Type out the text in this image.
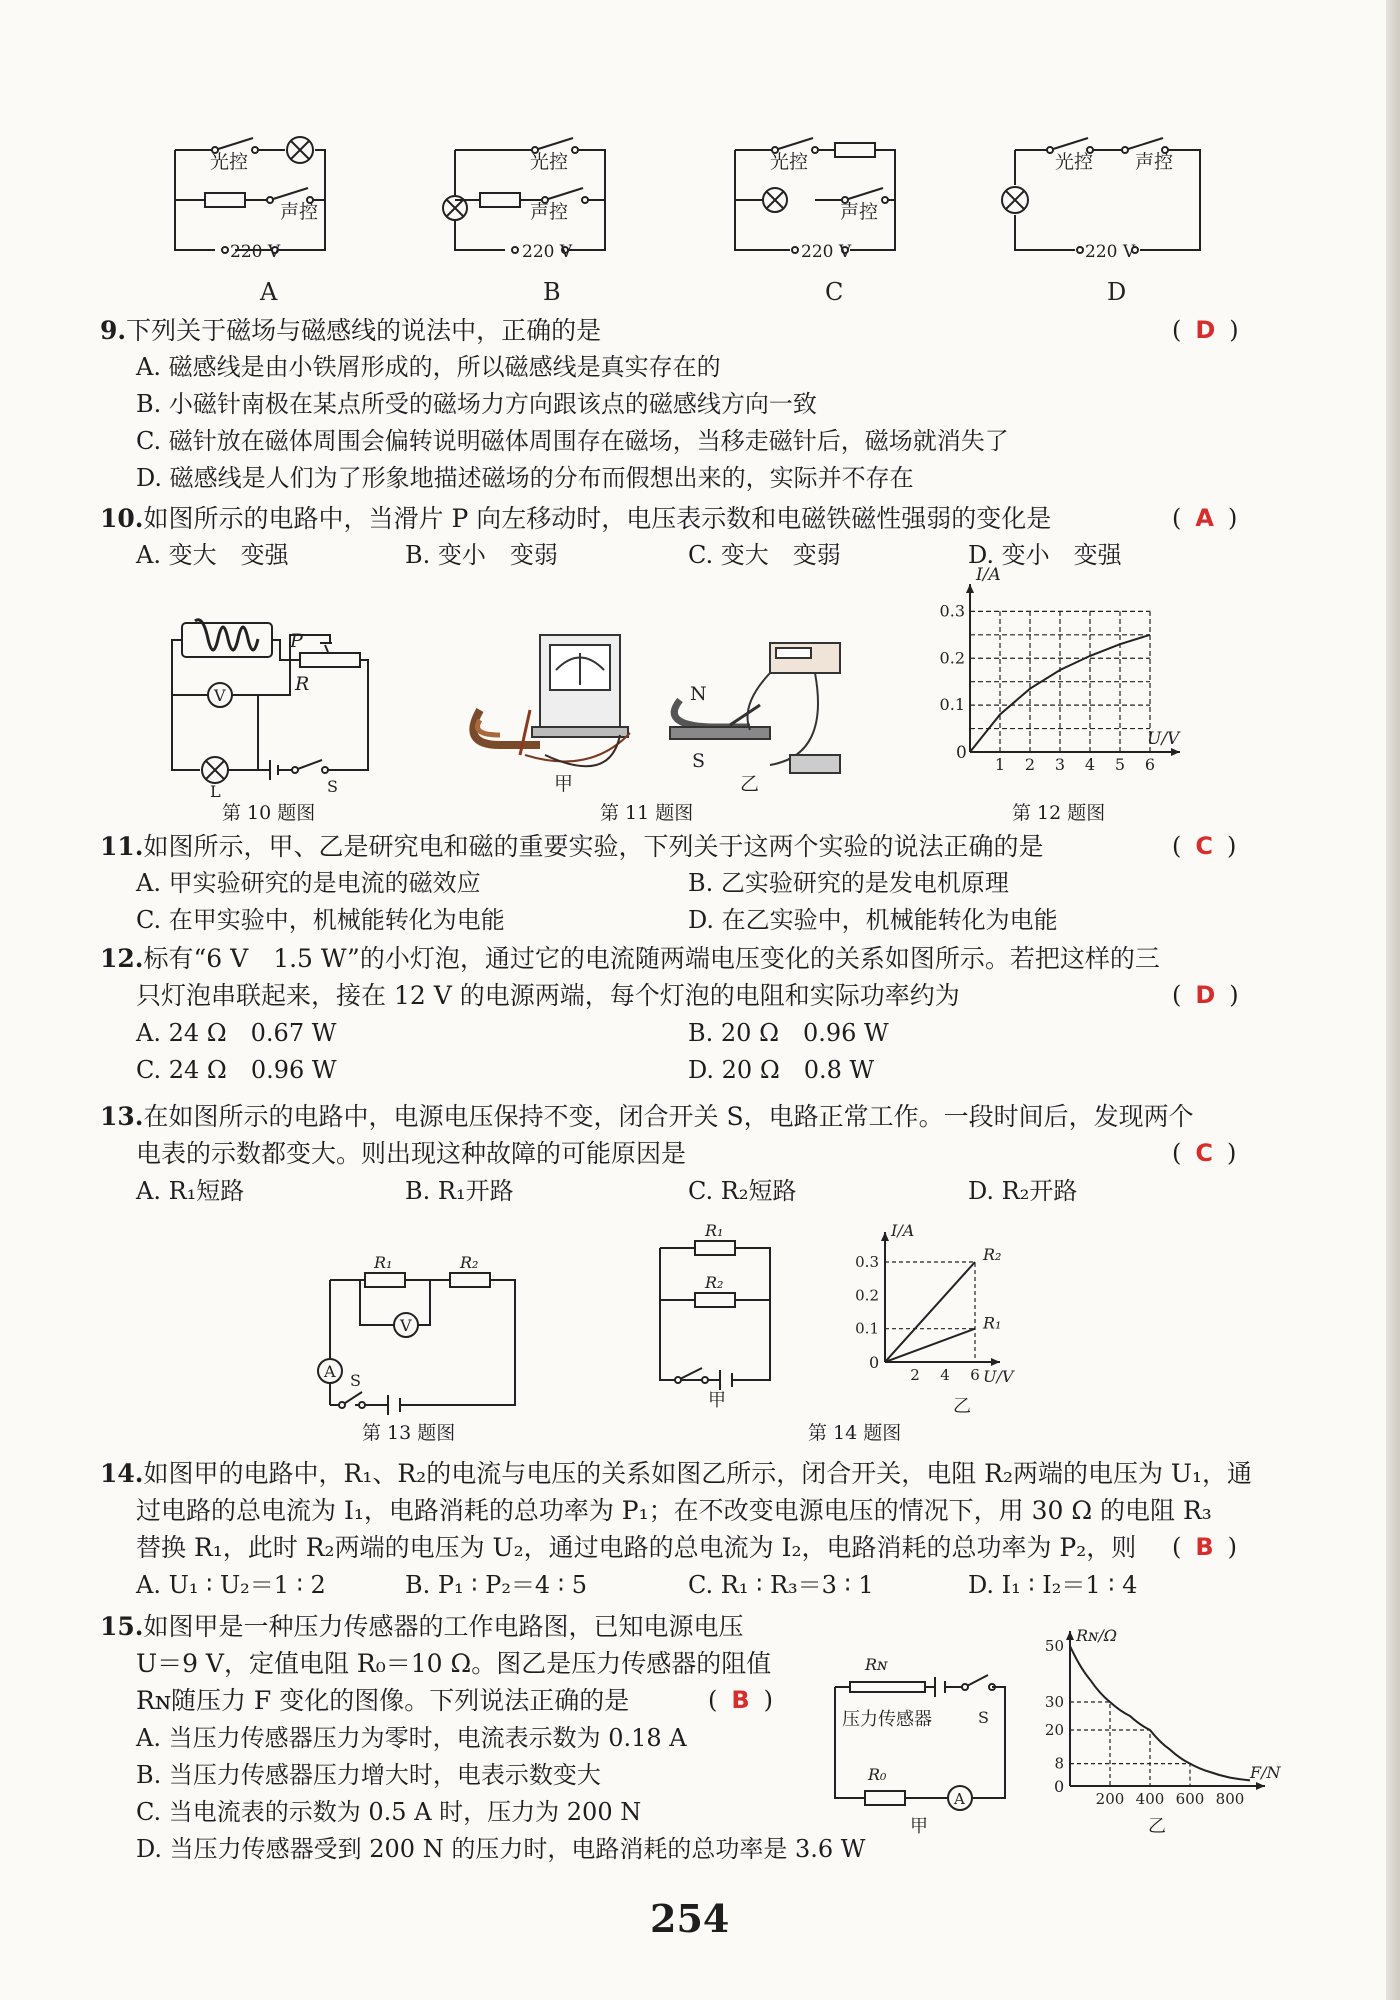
光控
声控
220 V
光控
声控
220 V
光控
声控
220 V
光控 声控
220 V
A	B	C	D
9.下列关于磁场与磁感线的说法中，正确的是	( D )
A. 磁感线是由小铁屑形成的，所以磁感线是真实存在的
B. 小磁针南极在某点所受的磁场力方向跟该点的磁感线方向一致
C. 磁针放在磁体周围会偏转说明磁体周围存在磁场，当移走磁针后，磁场就消失了
D. 磁感线是人们为了形象地描述磁场的分布而假想出来的，实际并不存在
10.如图所示的电路中，当滑片 P 向左移动时，电压表示数和电磁铁磁性强弱的变化是	( A )
A. 变大　变强	B. 变小　变弱	C. 变大　变弱	D. 变小　变强
P
R
V
L	S
第 10 题图
N
S
甲	乙
第 11 题图
1 2 3 4 5 6
0.1
0.2
0.3
I/A
U/V
0
第 12 题图
11.如图所示，甲、乙是研究电和磁的重要实验，下列关于这两个实验的说法正确的是	( C )
A. 甲实验研究的是电流的磁效应	B. 乙实验研究的是发电机原理
C. 在甲实验中，机械能转化为电能	D. 在乙实验中，机械能转化为电能
12.标有“6 V　1.5 W”的小灯泡，通过它的电流随两端电压变化的关系如图所示。若把这样的三
只灯泡串联起来，接在 12 V 的电源两端，每个灯泡的电阻和实际功率约为	( D )
A. 24 Ω　0.67 W	B. 20 Ω　0.96 W
C. 24 Ω　0.96 W	D. 20 Ω　0.8 W
13.在如图所示的电路中，电源电压保持不变，闭合开关 S，电路正常工作。一段时间后，发现两个
电表的示数都变大。则出现这种故障的可能原因是	( C )
A. R₁短路	B. R₁开路	C. R₂短路	D. R₂开路
R₁	R₂
V
A S
第 13 题图
R₁
R₂
甲
2 4 6
0.1
0.2
0.3	R₂
R₁
I/A
U/V
0
乙
第 14 题图
14.如图甲的电路中，R₁、R₂的电流与电压的关系如图乙所示，闭合开关，电阻 R₂两端的电压为 U₁，通
过电路的总电流为 I₁，电路消耗的总功率为 P₁；在不改变电源电压的情况下，用 30 Ω 的电阻 R₃
替换 R₁，此时 R₂两端的电压为 U₂，通过电路的总电流为 I₂，电路消耗的总功率为 P₂，则 ( B )
A. U₁ ∶ U₂＝1 ∶ 2	B. P₁ ∶ P₂＝4 ∶ 5	C. R₁ ∶ R₃＝3 ∶ 1	D. I₁ ∶ I₂＝1 ∶ 4
15.如图甲是一种压力传感器的工作电路图，已知电源电压
U＝9 V，定值电阻 R₀＝10 Ω。图乙是压力传感器的阻值
Rɴ随压力 F 变化的图像。下列说法正确的是	( B )
A. 当压力传感器压力为零时，电流表示数为 0.18 A
B. 当压力传感器压力增大时，电表示数变大
C. 当电流表的示数为 0.5 A 时，压力为 200 N
D. 当压力传感器受到 200 N 的压力时，电路消耗的总功率是 3.6 W
Rɴ
压力传感器	S
R₀
A
甲
200 400 600 800
8
20
30
50
Rɴ/Ω
F/N
0
乙
254
